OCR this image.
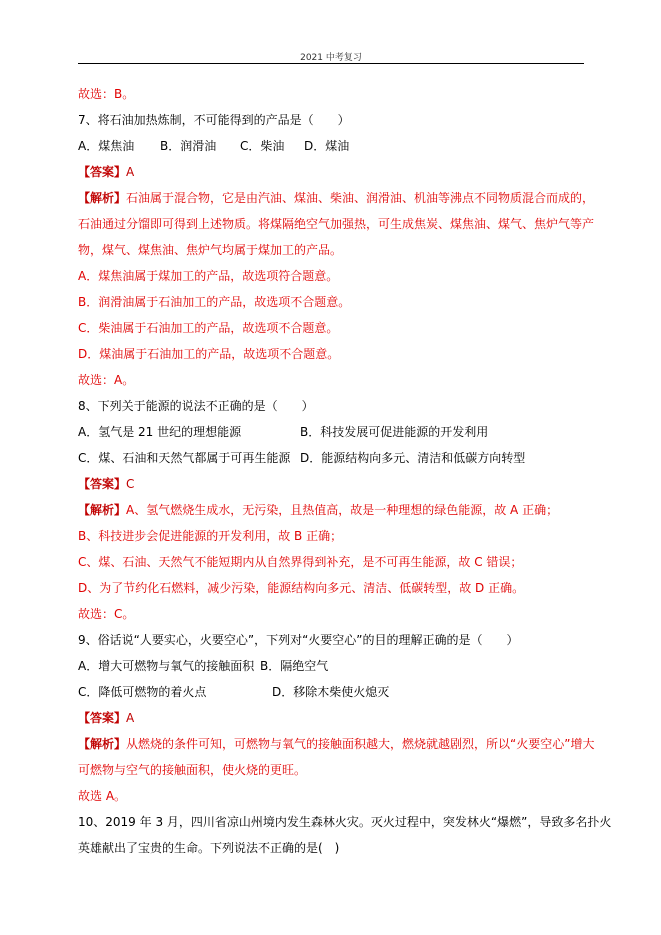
2021 中考复习
故选：B。
7、将石油加热炼制，不可能得到的产品是（　　）
A．煤焦油 B．润滑油 C．柴油 D．煤油
【答案】A
【解析】石油属于混合物，它是由汽油、煤油、柴油、润滑油、机油等沸点不同物质混合而成的，
石油通过分馏即可得到上述物质。将煤隔绝空气加强热，可生成焦炭、煤焦油、煤气、焦炉气等产
物，煤气、煤焦油、焦炉气均属于煤加工的产品。
A．煤焦油属于煤加工的产品，故选项符合题意。
B．润滑油属于石油加工的产品，故选项不合题意。
C．柴油属于石油加工的产品，故选项不合题意。
D．煤油属于石油加工的产品，故选项不合题意。
故选：A。
8、下列关于能源的说法不正确的是（　　）
A．氢气是 21 世纪的理想能源	B．科技发展可促进能源的开发利用
C．煤、石油和天然气都属于可再生能源 D．能源结构向多元、清洁和低碳方向转型
【答案】C
【解析】A、氢气燃烧生成水，无污染，且热值高，故是一种理想的绿色能源，故 A 正确；
B、科技进步会促进能源的开发利用，故 B 正确；
C、煤、石油、天然气不能短期内从自然界得到补充，是不可再生能源，故 C 错误；
D、为了节约化石燃料，减少污染，能源结构向多元、清洁、低碳转型，故 D 正确。
故选：C。
9、俗话说“人要实心，火要空心”，下列对“火要空心”的目的理解正确的是（　　）
A．增大可燃物与氧气的接触面积 B．隔绝空气
C．降低可燃物的着火点	D．移除木柴使火熄灭
【答案】A
【解析】从燃烧的条件可知，可燃物与氧气的接触面积越大，燃烧就越剧烈，所以“火要空心”增大
可燃物与空气的接触面积，使火烧的更旺。
故选 A。
10、2019 年 3 月，四川省凉山州境内发生森林火灾。灭火过程中，突发林火“爆燃”，导致多名扑火
英雄献出了宝贵的生命。下列说法不正确的是(　)
